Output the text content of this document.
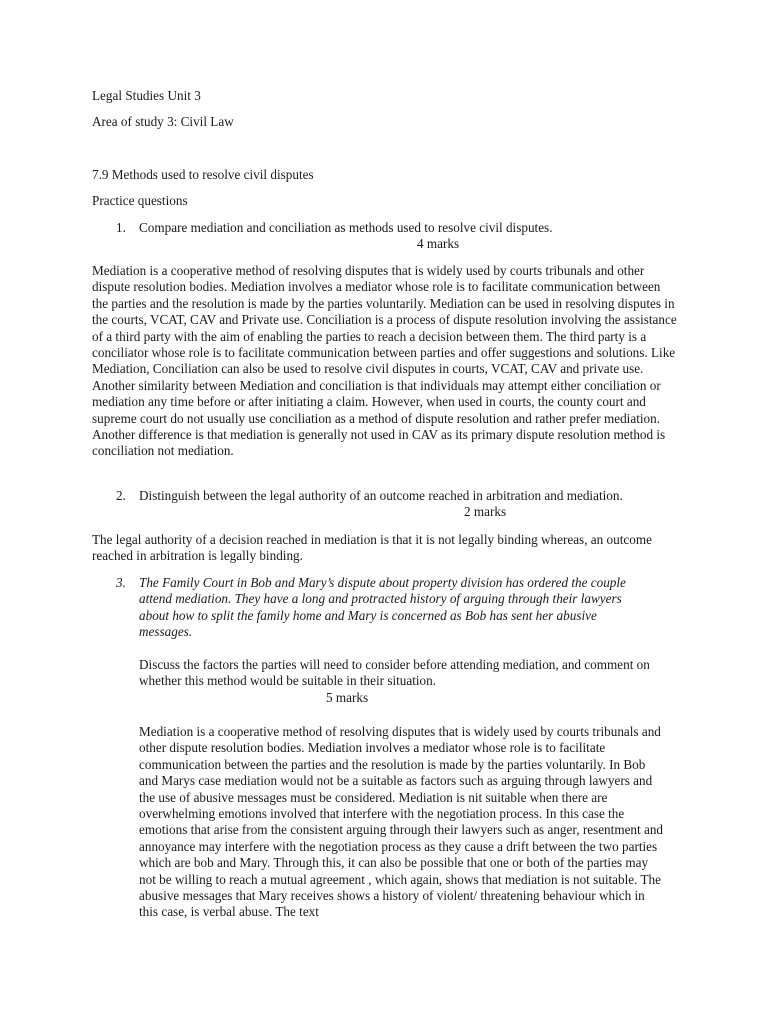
Legal Studies Unit 3

Area of study 3: Civil Law

7.9 Methods used to resolve civil disputes

Practice questions

1. Compare mediation and conciliation as methods used to resolve civil disputes.

4 marks

Mediation is a cooperative method of resolving disputes that is widely used by courts tribunals and other dispute resolution bodies. Mediation involves a mediator whose role is to facilitate communication between the parties and the resolution is made by the parties voluntarily. Mediation can be used in resolving disputes in the courts, VCAT, CAV and Private use. Conciliation is a process of dispute resolution involving the assistance of a third party with the aim of enabling the parties to reach a decision between them. The third party is a conciliator whose role is to facilitate communication between parties and offer suggestions and solutions. Like Mediation, Conciliation can also be used to resolve civil disputes in courts, VCAT, CAV and private use. Another similarity between Mediation and conciliation is that individuals may attempt either conciliation or mediation any time before or after initiating a claim. However, when used in courts, the county court and supreme court do not usually use conciliation as a method of dispute resolution and rather prefer mediation. Another difference is that mediation is generally not used in CAV as its primary dispute resolution method is conciliation not mediation.

2. Distinguish between the legal authority of an outcome reached in arbitration and mediation.

2 marks

The legal authority of a decision reached in mediation is that it is not legally binding whereas, an outcome reached in arbitration is legally binding.

3. The Family Court in Bob and Mary’s dispute about property division has ordered the couple attend mediation. They have a long and protracted history of arguing through their lawyers about how to split the family home and Mary is concerned as Bob has sent her abusive messages.

Discuss the factors the parties will need to consider before attending mediation, and comment on whether this method would be suitable in their situation.

5 marks

Mediation is a cooperative method of resolving disputes that is widely used by courts tribunals and other dispute resolution bodies. Mediation involves a mediator whose role is to facilitate communication between the parties and the resolution is made by the parties voluntarily. In Bob and Marys case mediation would not be a suitable as factors such as arguing through lawyers and the use of abusive messages must be considered. Mediation is nit suitable when there are overwhelming emotions involved that interfere with the negotiation process. In this case the emotions that arise from the consistent arguing through their lawyers such as anger, resentment and annoyance may interfere with the negotiation process as they cause a drift between the two parties which are bob and Mary. Through this, it can also be possible that one or both of the parties may not be willing to reach a mutual agreement , which again, shows that mediation is not suitable. The abusive messages that Mary receives shows a history of violent/ threatening behaviour which in this case, is verbal abuse. The text
